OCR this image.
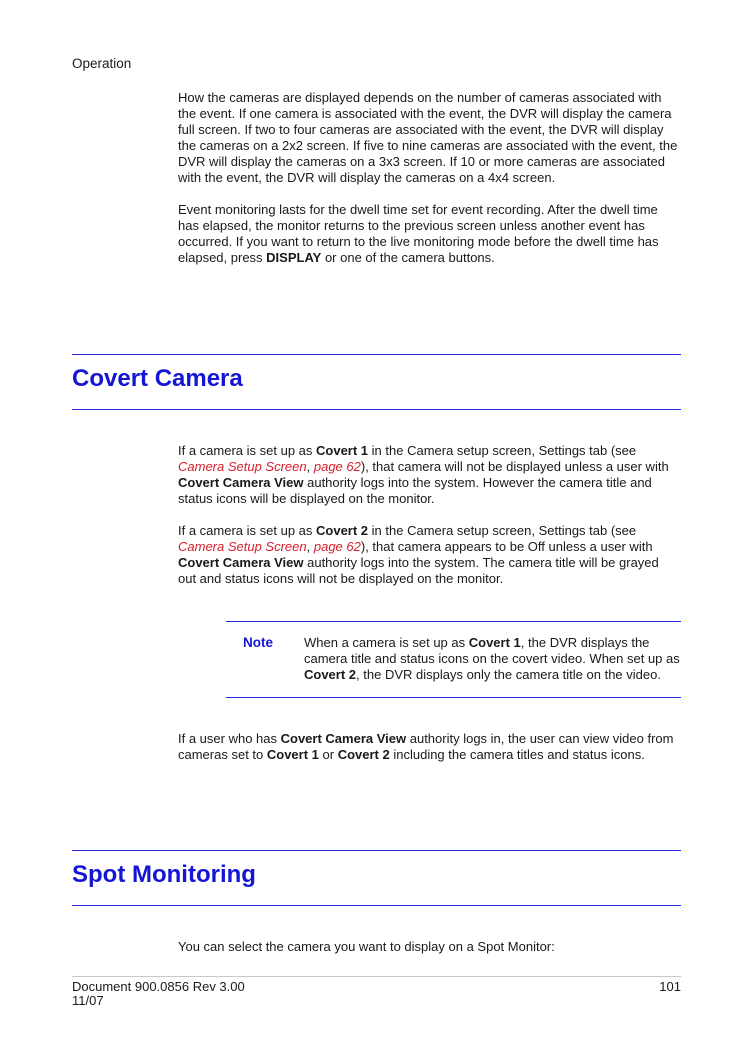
Operation

How the cameras are displayed depends on the number of cameras associated with the event. If one camera is associated with the event, the DVR will display the camera full screen. If two to four cameras are associated with the event, the DVR will display the cameras on a 2x2 screen. If five to nine cameras are associated with the event, the DVR will display the cameras on a 3x3 screen. If 10 or more cameras are associated with the event, the DVR will display the cameras on a 4x4 screen.

Event monitoring lasts for the dwell time set for event recording. After the dwell time has elapsed, the monitor returns to the previous screen unless another event has occurred. If you want to return to the live monitoring mode before the dwell time has elapsed, press DISPLAY or one of the camera buttons.

Covert Camera

If a camera is set up as Covert 1 in the Camera setup screen, Settings tab (see Camera Setup Screen, page 62), that camera will not be displayed unless a user with Covert Camera View authority logs into the system. However the camera title and status icons will be displayed on the monitor.

If a camera is set up as Covert 2 in the Camera setup screen, Settings tab (see Camera Setup Screen, page 62), that camera appears to be Off unless a user with Covert Camera View authority logs into the system. The camera title will be grayed out and status icons will not be displayed on the monitor.

Note When a camera is set up as Covert 1, the DVR displays the camera title and status icons on the covert video. When set up as Covert 2, the DVR displays only the camera title on the video.

If a user who has Covert Camera View authority logs in, the user can view video from cameras set to Covert 1 or Covert 2 including the camera titles and status icons.

Spot Monitoring

You can select the camera you want to display on a Spot Monitor:

Document 900.0856 Rev 3.00
11/07
101
